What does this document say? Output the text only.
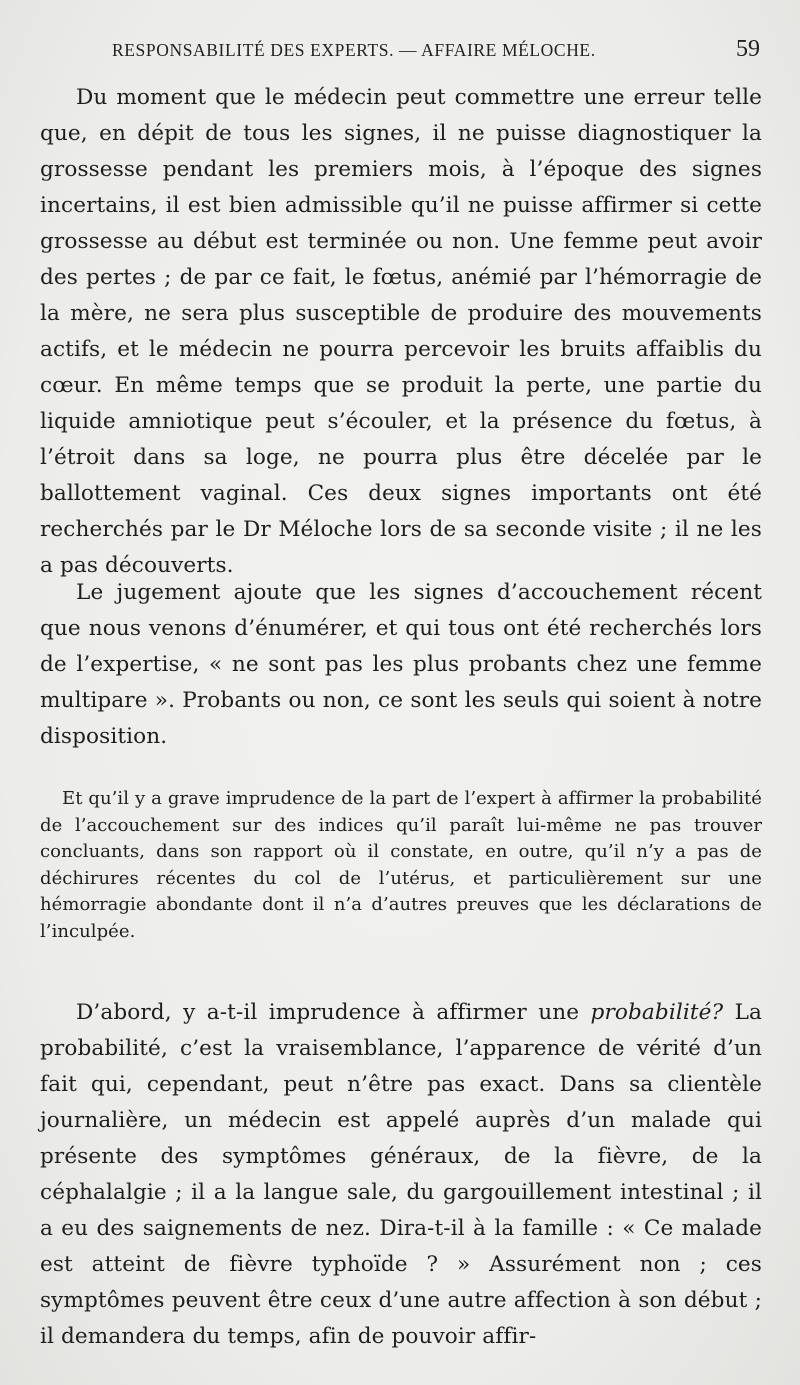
RESPONSABILITÉ DES EXPERTS. — AFFAIRE MÉLOCHE.	59

Du moment que le médecin peut commettre une erreur telle que, en dépit de tous les signes, il ne puisse diagnostiquer la grossesse pendant les premiers mois, à l’époque des signes incertains, il est bien admissible qu’il ne puisse affirmer si cette grossesse au début est terminée ou non. Une femme peut avoir des pertes ; de par ce fait, le fœtus, anémié par l’hémorragie de la mère, ne sera plus susceptible de produire des mouvements actifs, et le médecin ne pourra percevoir les bruits affaiblis du cœur. En même temps que se produit la perte, une partie du liquide amniotique peut s’écouler, et la présence du fœtus, à l’étroit dans sa loge, ne pourra plus être décelée par le ballottement vaginal. Ces deux signes importants ont été recherchés par le Dr Méloche lors de sa seconde visite ; il ne les a pas découverts.

Le jugement ajoute que les signes d’accouchement récent que nous venons d’énumérer, et qui tous ont été recherchés lors de l’expertise, « ne sont pas les plus probants chez une femme multipare ». Probants ou non, ce sont les seuls qui soient à notre disposition.

Et qu’il y a grave imprudence de la part de l’expert à affirmer la probabilité de l’accouchement sur des indices qu’il paraît lui-même ne pas trouver concluants, dans son rapport où il constate, en outre, qu’il n’y a pas de déchirures récentes du col de l’utérus, et particulièrement sur une hémorragie abondante dont il n’a d’autres preuves que les déclarations de l’inculpée.

D’abord, y a-t-il imprudence à affirmer une probabilité? La probabilité, c’est la vraisemblance, l’apparence de vérité d’un fait qui, cependant, peut n’être pas exact. Dans sa clientèle journalière, un médecin est appelé auprès d’un malade qui présente des symptômes généraux, de la fièvre, de la céphalalgie ; il a la langue sale, du gargouillement intestinal ; il a eu des saignements de nez. Dira-t-il à la famille : « Ce malade est atteint de fièvre typhoïde ? » Assurément non ; ces symptômes peuvent être ceux d’une autre affection à son début ; il demandera du temps, afin de pouvoir affir-
